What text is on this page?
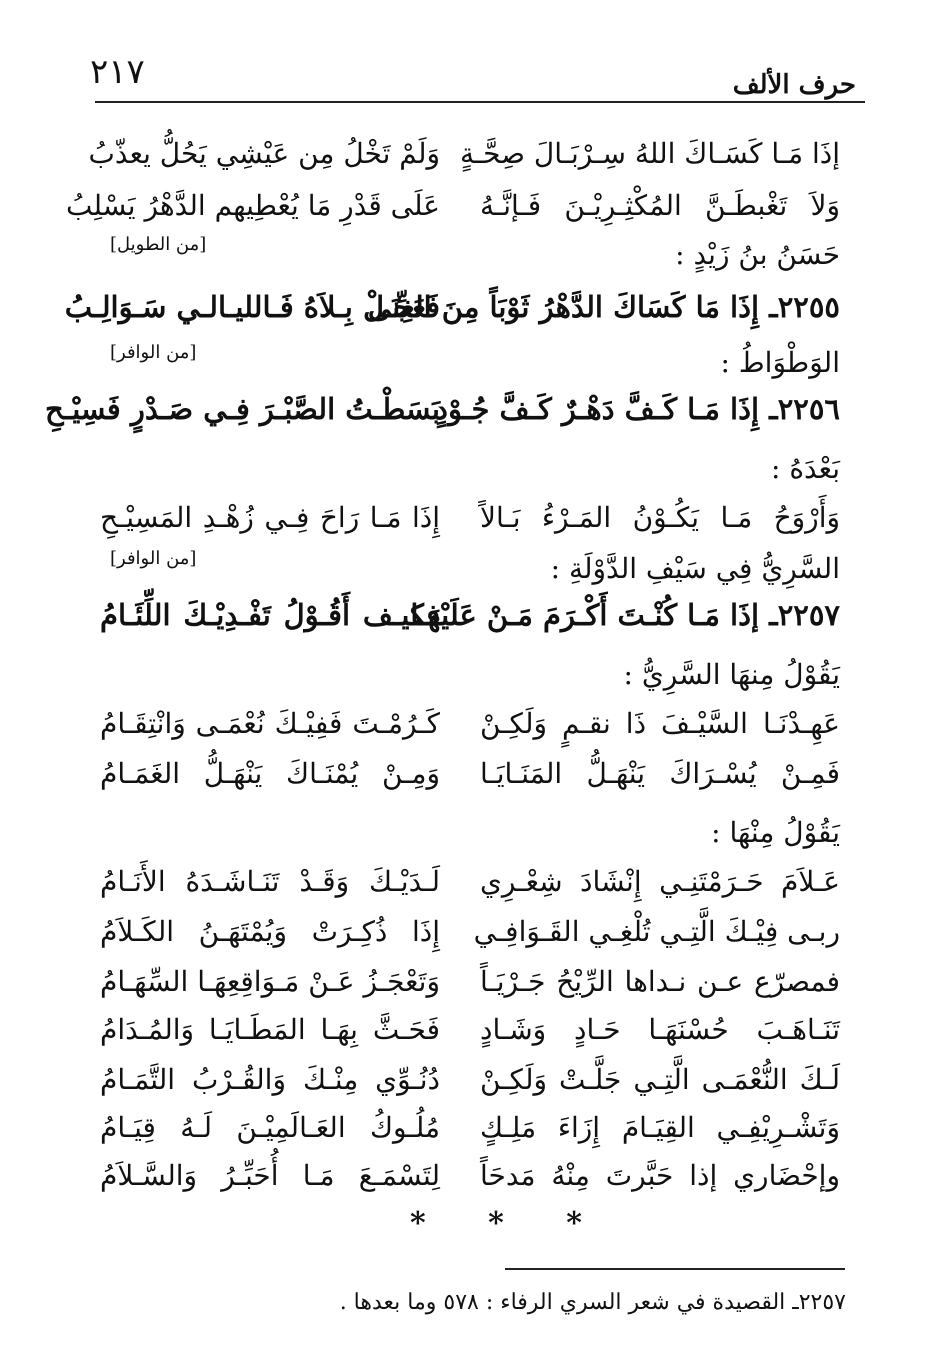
٢١٧	حرف الألف
إذَا مَـا كَسَـاكَ اللهُ سِـرْبَـالَ صِحَّـةٍ
وَلَمْ تَخْلُ مِن عَيْشِي يَحُلُّ يعذّبُ
وَلاَ تَغْبطَـنَّ المُكْثِـرِيْـنَ فَـإنَّـهُ
عَلَى قَدْرِ مَا يُعْطِيهم الدَّهْرُ يَسْلِبُ
حَسَنُ بنُ زَيْدٍ :
[من الطويل]
٢٢٥٥ـ إِذَا مَا كَسَاكَ الدَّهْرُ ثَوْبَاً مِنَ الغِنَى
فَعَجِّـلْ بِـلاَهُ فَـالليـالـي سَـوَالِـبُ
الوَطْوَاطُ :
[من الوافر]
٢٢٥٦ـ إِذَا مَـا كَـفَّ دَهْـرٌ كَـفَّ جُـوْدٍ
بَسَطْـتُ الصَّبْـرَ فِـي صَـدْرٍ فَسِيْـحِ
بَعْدَهُ :
وَأَرْوَحُ مَـا يَكُـوْنُ المَـرْءُ بَـالاً
إِذَا مَـا رَاحَ فِـي زُهْـدِ المَسِيْـحِ
السَّرِيُّ فِي سَيْفِ الدَّوْلَةِ :
[من الوافر]
٢٢٥٧ـ إذَا مَـا كُنْـتَ أَكْـرَمَ مَـنْ عَلَيْهَـا
فكيـف أَقُـوْلُ تَفْـدِيْـكَ اللِّئَـامُ
يَقُوْلُ مِنهَا السَّرِيُّ :
عَهِـدْنَـا السَّيْـفَ ذَا نقـمٍ وَلَكِـنْ
كَـرُمْـتَ فَفِيْـكَ نُعْمَـى وَانْتِقَـامُ
فَمِـنْ يُسْـرَاكَ يَنْهَـلُّ المَنَـايَـا
وَمِـنْ يُمْنَـاكَ يَنْهَـلُّ الغَمَـامُ
يَقُوْلُ مِنْهَا :
عَـلاَمَ حَـرَمْتَنِـي إِنْشَادَ شِعْـرِي
لَـدَيْـكَ وَقَـدْ تَنَـاشَـدَهُ الأَنَـامُ
ربـى فِيْـكَ الَّتِـي تُلْغِـي القَـوَافِـي
إِذَا ذُكِـرَتْ وَيُمْتَهَـنُ الكَـلاَمُ
فمصرّع عـن نـداها الرِّيْحُ جَـرْيَـاً
وَتَعْجَـزُ عَـنْ مَـوَاقِعِهَـا السِّهَـامُ
تَنَـاهَـبَ حُسْنَهَـا حَـادٍ وَشَـادٍ
فَحَـثَّ بِهَـا المَطَـايَـا وَالمُـدَامُ
لَـكَ النُّعْمَـى الَّتِـي جَلَّـتْ وَلَكِـنْ
دُنُـوِّي مِنْـكَ وَالقُـرْبُ التَّمَـامُ
وَتَشْـرِيْفِـي القِيَـامَ إِزَاءَ مَلِـكٍ
مُلُـوكُ العَـالَمِيْـنَ لَـهُ قِيَـامُ
وإحْضَاري إذا حَبَّرتَ مِنْهُ مَدحَاً
لِتَسْمَـعَ مَـا أُحَبِّـرُ وَالسَّـلاَمُ
* * *
٢٢٥٧ـ القصيدة في شعر السري الرفاء : ٥٧٨ وما بعدها .
